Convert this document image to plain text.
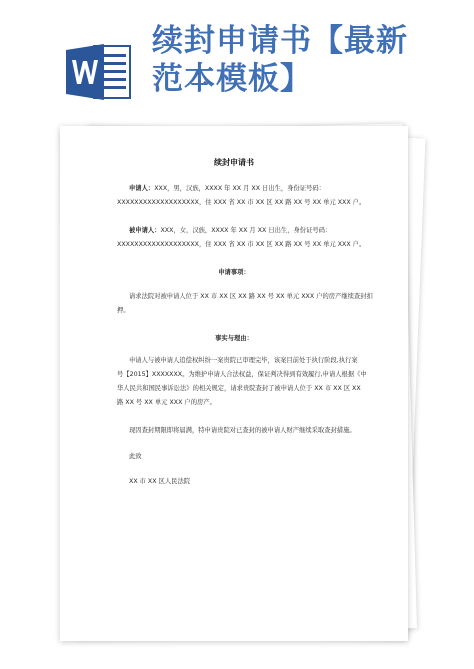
续封申请书【最新
范本模板】
续封申请书
申请人：XXX，男，汉族，XXXX 年 XX 月 XX 日出生，身份证号码：
XXXXXXXXXXXXXXXXXXX，住 XXX 省 XX 市 XX 区 XX 路 XX 号 XX 单元 XXX 户。
被申请人：XXX，女，汉族，XXXX 年 XX 月 XX 日出生，身份证号码：
XXXXXXXXXXXXXXXXXXX，住 XXX 省 XX 市 XX 区 XX 路 XX 号 XX 单元 XXX 户。
申请事项：
请求法院对被申请人位于 XX 市 XX 区 XX 路 XX 号 XX 单元 XXX 户的房产继续查封扣
押。
事实与理由：
申请人与被申请人追偿权纠纷一案贵院已审理完毕，该案目前处于执行阶段,执行案
号【2015】XXXXXXX。为维护申请人合法权益，保证判决得到有效履行,申请人根据《中
华人民共和国民事诉讼法》的相关规定，请求贵院查封了被申请人位于 XX 市 XX 区 XX
路 XX 号 XX 单元 XXX 户的房产。
现因查封期限即将届满，特申请贵院对已查封的被申请人财产继续采取查封措施。
此致
XX 市 XX 区人民法院
